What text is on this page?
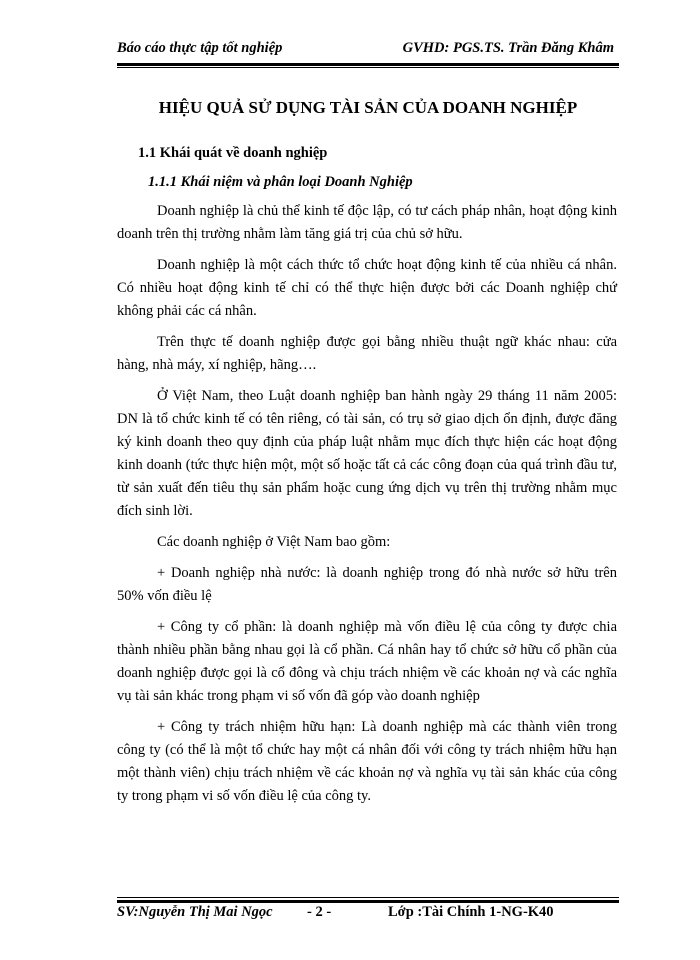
Báo cáo thực tập tốt nghiệp	GVHD: PGS.TS. Trần Đăng Khâm
HIỆU QUẢ SỬ DỤNG TÀI SẢN CỦA DOANH NGHIỆP
1.1 Khái quát về doanh nghiệp
1.1.1 Khái niệm và phân loại Doanh Nghiệp

Doanh nghiệp là chủ thể kinh tế độc lập, có tư cách pháp nhân, hoạt động kinh doanh trên thị trường nhằm làm tăng giá trị của chủ sở hữu.

Doanh nghiệp là một cách thức tổ chức hoạt động kinh tế của nhiều cá nhân. Có nhiều hoạt động kinh tế chỉ có thể thực hiện được bởi các Doanh nghiệp chứ không phải các cá nhân.

Trên thực tế doanh nghiệp được gọi bằng nhiều thuật ngữ khác nhau: cửa hàng, nhà máy, xí nghiệp, hãng….

Ở Việt Nam, theo Luật doanh nghiệp ban hành ngày 29 tháng 11 năm 2005: DN là tổ chức kinh tế có tên riêng, có tài sản, có trụ sở giao dịch ổn định, được đăng ký kinh doanh theo quy định của pháp luật nhằm mục đích thực hiện các hoạt động kinh doanh (tức thực hiện một, một số hoặc tất cả các công đoạn của quá trình đầu tư, từ sản xuất đến tiêu thụ sản phẩm hoặc cung ứng dịch vụ trên thị trường nhằm mục đích sinh lời.

Các doanh nghiệp ở Việt Nam bao gồm:

+ Doanh nghiệp nhà nước: là doanh nghiệp trong đó nhà nước sở hữu trên 50% vốn điều lệ

+ Công ty cổ phần: là doanh nghiệp mà vốn điều lệ của công ty được chia thành nhiều phần bằng nhau gọi là cổ phần. Cá nhân hay tổ chức sở hữu cổ phần của doanh nghiệp được gọi là cổ đông và chịu trách nhiệm về các khoản nợ và các nghĩa vụ tài sản khác trong phạm vi số vốn đã góp vào doanh nghiệp

+ Công ty trách nhiệm hữu hạn: Là doanh nghiệp mà các thành viên trong công ty (có thể là một tổ chức hay một cá nhân đối với công ty trách nhiệm hữu hạn một thành viên) chịu trách nhiệm về các khoản nợ và nghĩa vụ tài sản khác của công ty trong phạm vi số vốn điều lệ của công ty.

SV:Nguyễn Thị Mai Ngọc - 2 -	Lớp :Tài Chính 1-NG-K40
